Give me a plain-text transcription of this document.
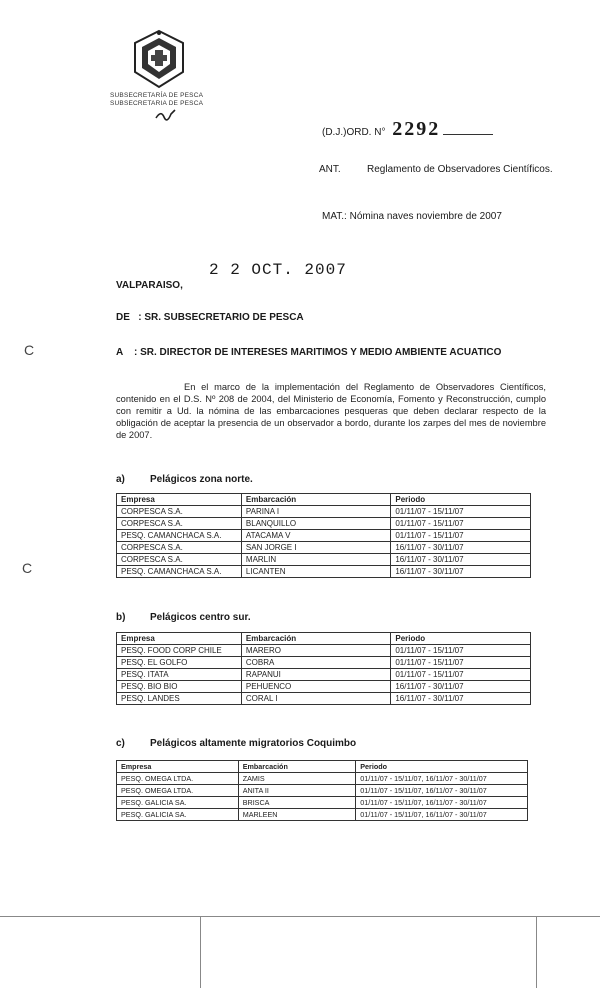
SUBSECRETARÍA DE PESCA
SUBSECRETARIA DE PESCA
(D.J.)ORD. N° 2292
ANT.	Reglamento de Observadores Científicos.
MAT.: Nómina naves noviembre de 2007
VALPARAISO,
2 2 OCT. 2007
DE : SR. SUBSECRETARIO DE PESCA
C	A : SR. DIRECTOR DE INTERESES MARITIMOS Y MEDIO AMBIENTE ACUATICO
En el marco de la implementación del Reglamento de Observadores Científicos, contenido en el D.S. Nº 208 de 2004, del Ministerio de Economía, Fomento y Reconstrucción, cumplo con remitir a Ud. la nómina de las embarcaciones pesqueras que deben declarar respecto de la obligación de aceptar la presencia de un observador a bordo, durante los zarpes del mes de noviembre de 2007.
C
a)	Pelágicos zona norte.
Empresa	Embarcación	Periodo
CORPESCA S.A.	PARINA I	01/11/07 - 15/11/07
CORPESCA S.A.	BLANQUILLO	01/11/07 - 15/11/07
PESQ. CAMANCHACA S.A.	ATACAMA V	01/11/07 - 15/11/07
CORPESCA S.A.	SAN JORGE I	16/11/07 - 30/11/07
CORPESCA S.A.	MARLIN	16/11/07 - 30/11/07
PESQ. CAMANCHACA S.A.	LICANTEN	16/11/07 - 30/11/07
b) Pelágicos centro sur.
Empresa	Embarcación	Periodo
PESQ. FOOD CORP CHILE	MARERO	01/11/07 - 15/11/07
PESQ. EL GOLFO	COBRA	01/11/07 - 15/11/07
PESQ. ITATA	RAPANUI	01/11/07 - 15/11/07
PESQ. BIO BIO	PEHUENCO	16/11/07 - 30/11/07
PESQ. LANDES	CORAL I	16/11/07 - 30/11/07
c)	Pelágicos altamente migratorios Coquimbo
Empresa	Embarcación	Periodo
PESQ. OMEGA LTDA.	ZAMIS	01/11/07 - 15/11/07, 16/11/07 - 30/11/07
PESQ. OMEGA LTDA.	ANITA II	01/11/07 - 15/11/07, 16/11/07 - 30/11/07
PESQ. GALICIA SA.	BRISCA	01/11/07 - 15/11/07, 16/11/07 - 30/11/07
PESQ. GALICIA SA.	MARLEEN	01/11/07 - 15/11/07, 16/11/07 - 30/11/07
